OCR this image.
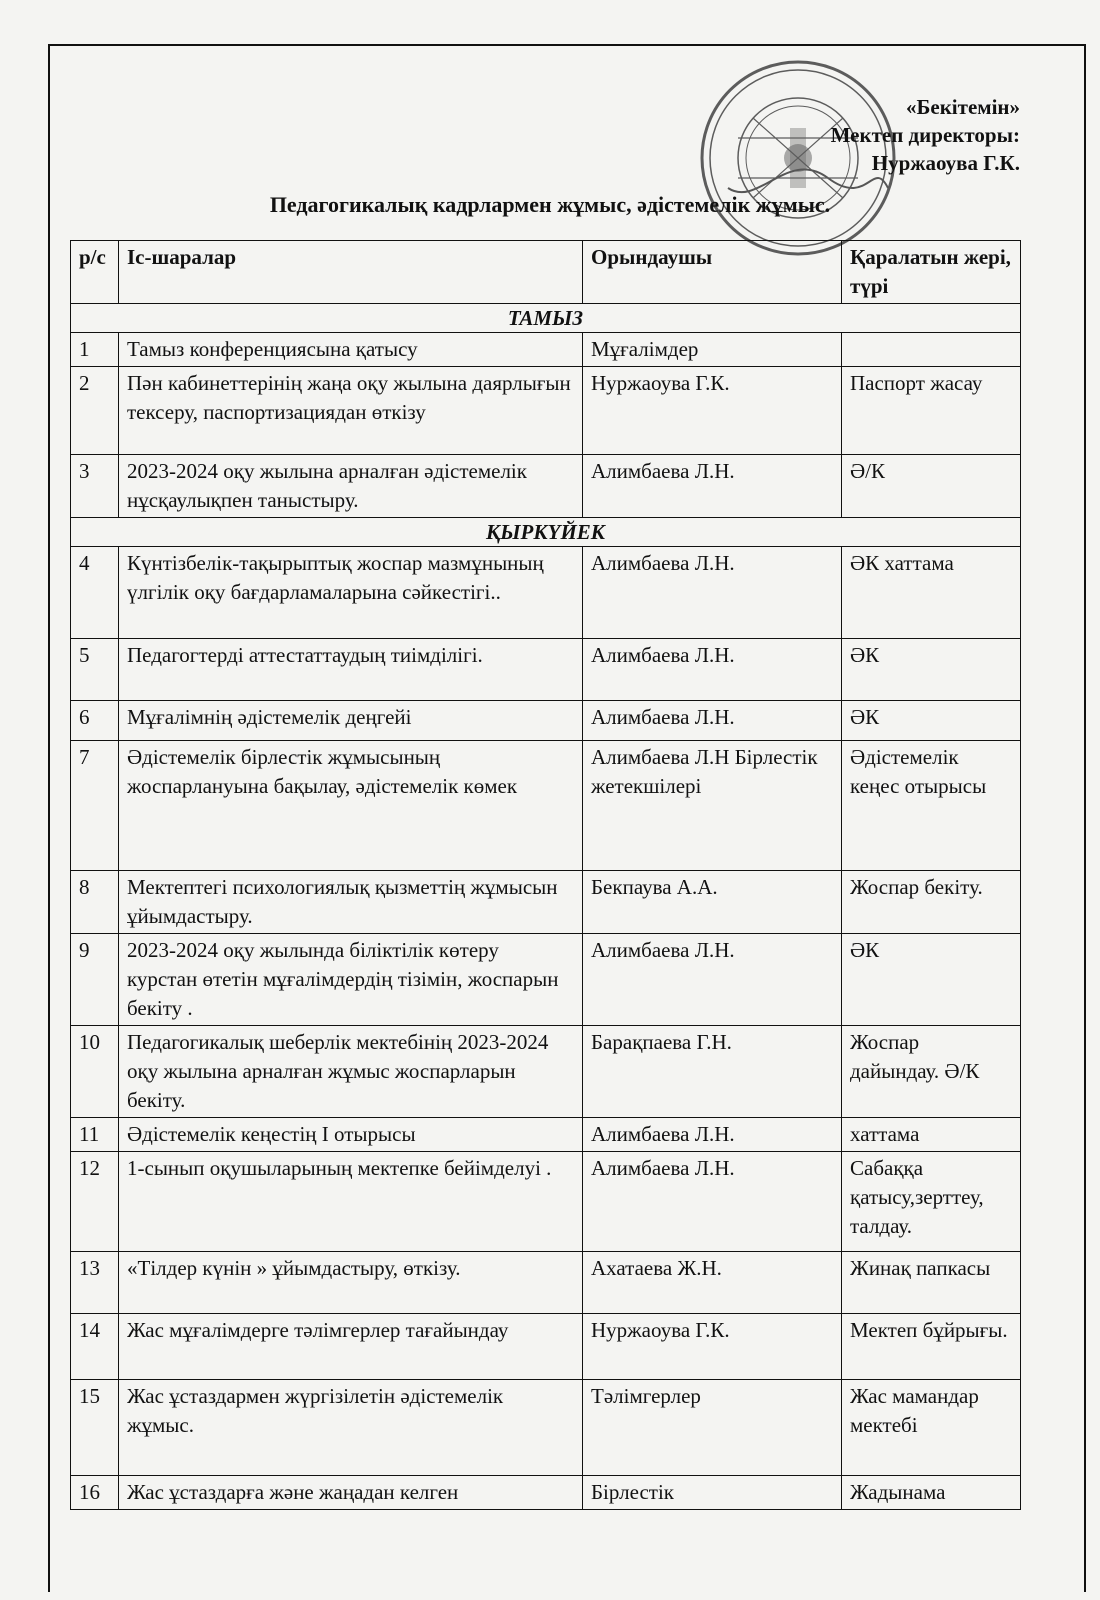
«Бекітемін»
Мектеп директоры:
Нуржаоува Г.К.
Педагогикалық кадрлармен жұмыс, әдістемелік жұмыс.
р/с	Іс-шаралар	Орындаушы	Қаралатын жері, түрі
ТАМЫЗ			
1	Тамыз конференциясына қатысу	Мұғалімдер	
2	Пән кабинеттерінің жаңа оқу жылына даярлығын тексеру, паспортизациядан өткізу	Нуржаоува Г.К.	Паспорт жасау
3	2023-2024 оқу жылына арналған әдістемелік нұсқаулықпен таныстыру.	Алимбаева Л.Н.	Ә/К
ҚЫРКҮЙЕК			
4	Күнтізбелік-тақырыптық жоспар мазмұнының үлгілік оқу бағдарламаларына сәйкестігі..	Алимбаева Л.Н.	ӘК хаттама
5	Педагогтерді аттестаттаудың тиімділігі.	Алимбаева Л.Н.	ӘК
6	Мұғалімнің әдістемелік деңгейі	Алимбаева Л.Н.	ӘК
7	Әдістемелік бірлестік жұмысының жоспарлануына бақылау, әдістемелік көмек	Алимбаева Л.Н Бірлестік жетекшілері	Әдістемелік кеңес отырысы
8	Мектептегі психологиялық қызметтің жұмысын ұйымдастыру.	Бекпаува А.А.	Жоспар бекіту.
9	2023-2024 оқу жылында біліктілік көтеру курстан өтетін мұғалімдердің тізімін, жоспарын бекіту .	Алимбаева Л.Н.	ӘК
10	Педагогикалық шеберлік мектебінің 2023-2024 оқу жылына арналған жұмыс жоспарларын бекіту.	Барақпаева Г.Н.	Жоспар дайындау. Ә/К
11	Әдістемелік кеңестің І отырысы	Алимбаева Л.Н.	хаттама
12	1-сынып оқушыларының мектепке бейімделуі .	Алимбаева Л.Н.	Сабаққа қатысу,зерттеу, талдау.
13	«Тілдер күнін » ұйымдастыру, өткізу.	Ахатаева Ж.Н.	Жинақ папкасы
14	Жас мұғалімдерге тәлімгерлер тағайындау	Нуржаоува Г.К.	Мектеп бұйрығы.
15	Жас ұстаздармен жүргізілетін әдістемелік жұмыс.	Тәлімгерлер	Жас мамандар мектебі
16	Жас ұстаздарға және жаңадан келген	Бірлестік	Жадынама
